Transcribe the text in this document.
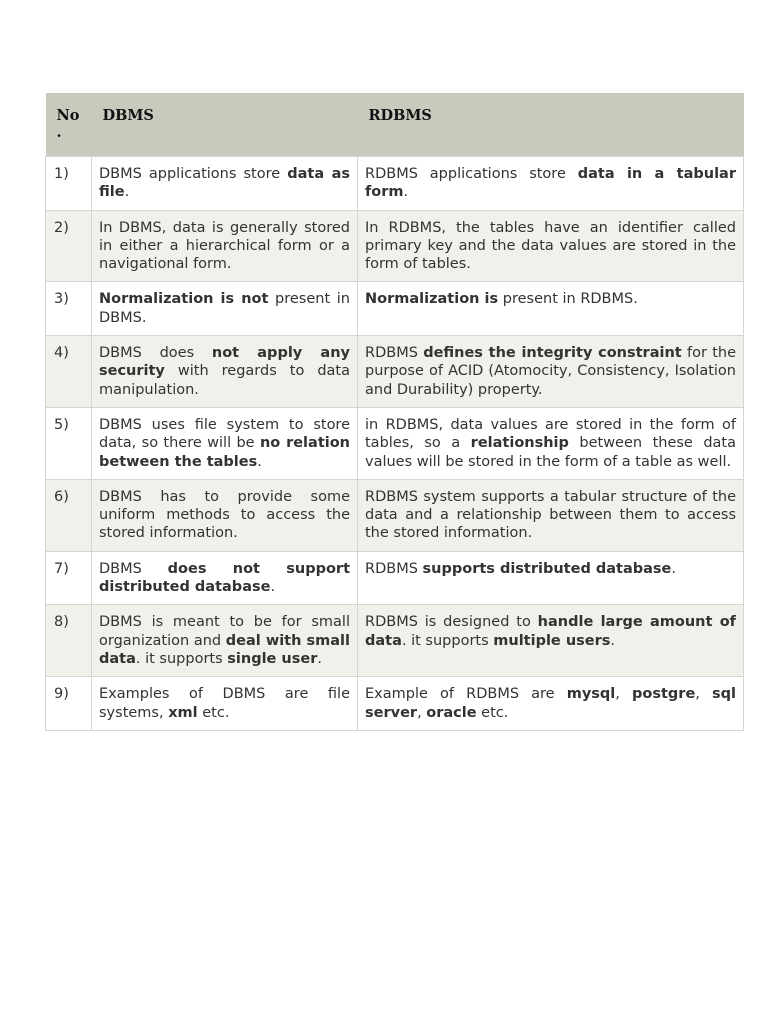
No .	DBMS	RDBMS
1)	DBMS applications store data as file.	RDBMS applications store data in a tabular form.
2)	In DBMS, data is generally stored in either a hierarchical form or a navigational form.	In RDBMS, the tables have an identifier called primary key and the data values are stored in the form of tables.
3)	Normalization is not present in DBMS.	Normalization is present in RDBMS.
4)	DBMS does not apply any security with regards to data manipulation.	RDBMS defines the integrity constraint for the purpose of ACID (Atomocity, Consistency, Isolation and Durability) property.
5)	DBMS uses file system to store data, so there will be no relation between the tables.	in RDBMS, data values are stored in the form of tables, so a relationship between these data values will be stored in the form of a table as well.
6)	DBMS has to provide some uniform methods to access the stored information.	RDBMS system supports a tabular structure of the data and a relationship between them to access the stored information.
7)	DBMS does not support distributed database.	RDBMS supports distributed database.
8)	DBMS is meant to be for small organization and deal with small data. it supports single user.	RDBMS is designed to handle large amount of data. it supports multiple users.
9)	Examples of DBMS are file systems, xml etc.	Example of RDBMS are mysql, postgre, sql server, oracle etc.
